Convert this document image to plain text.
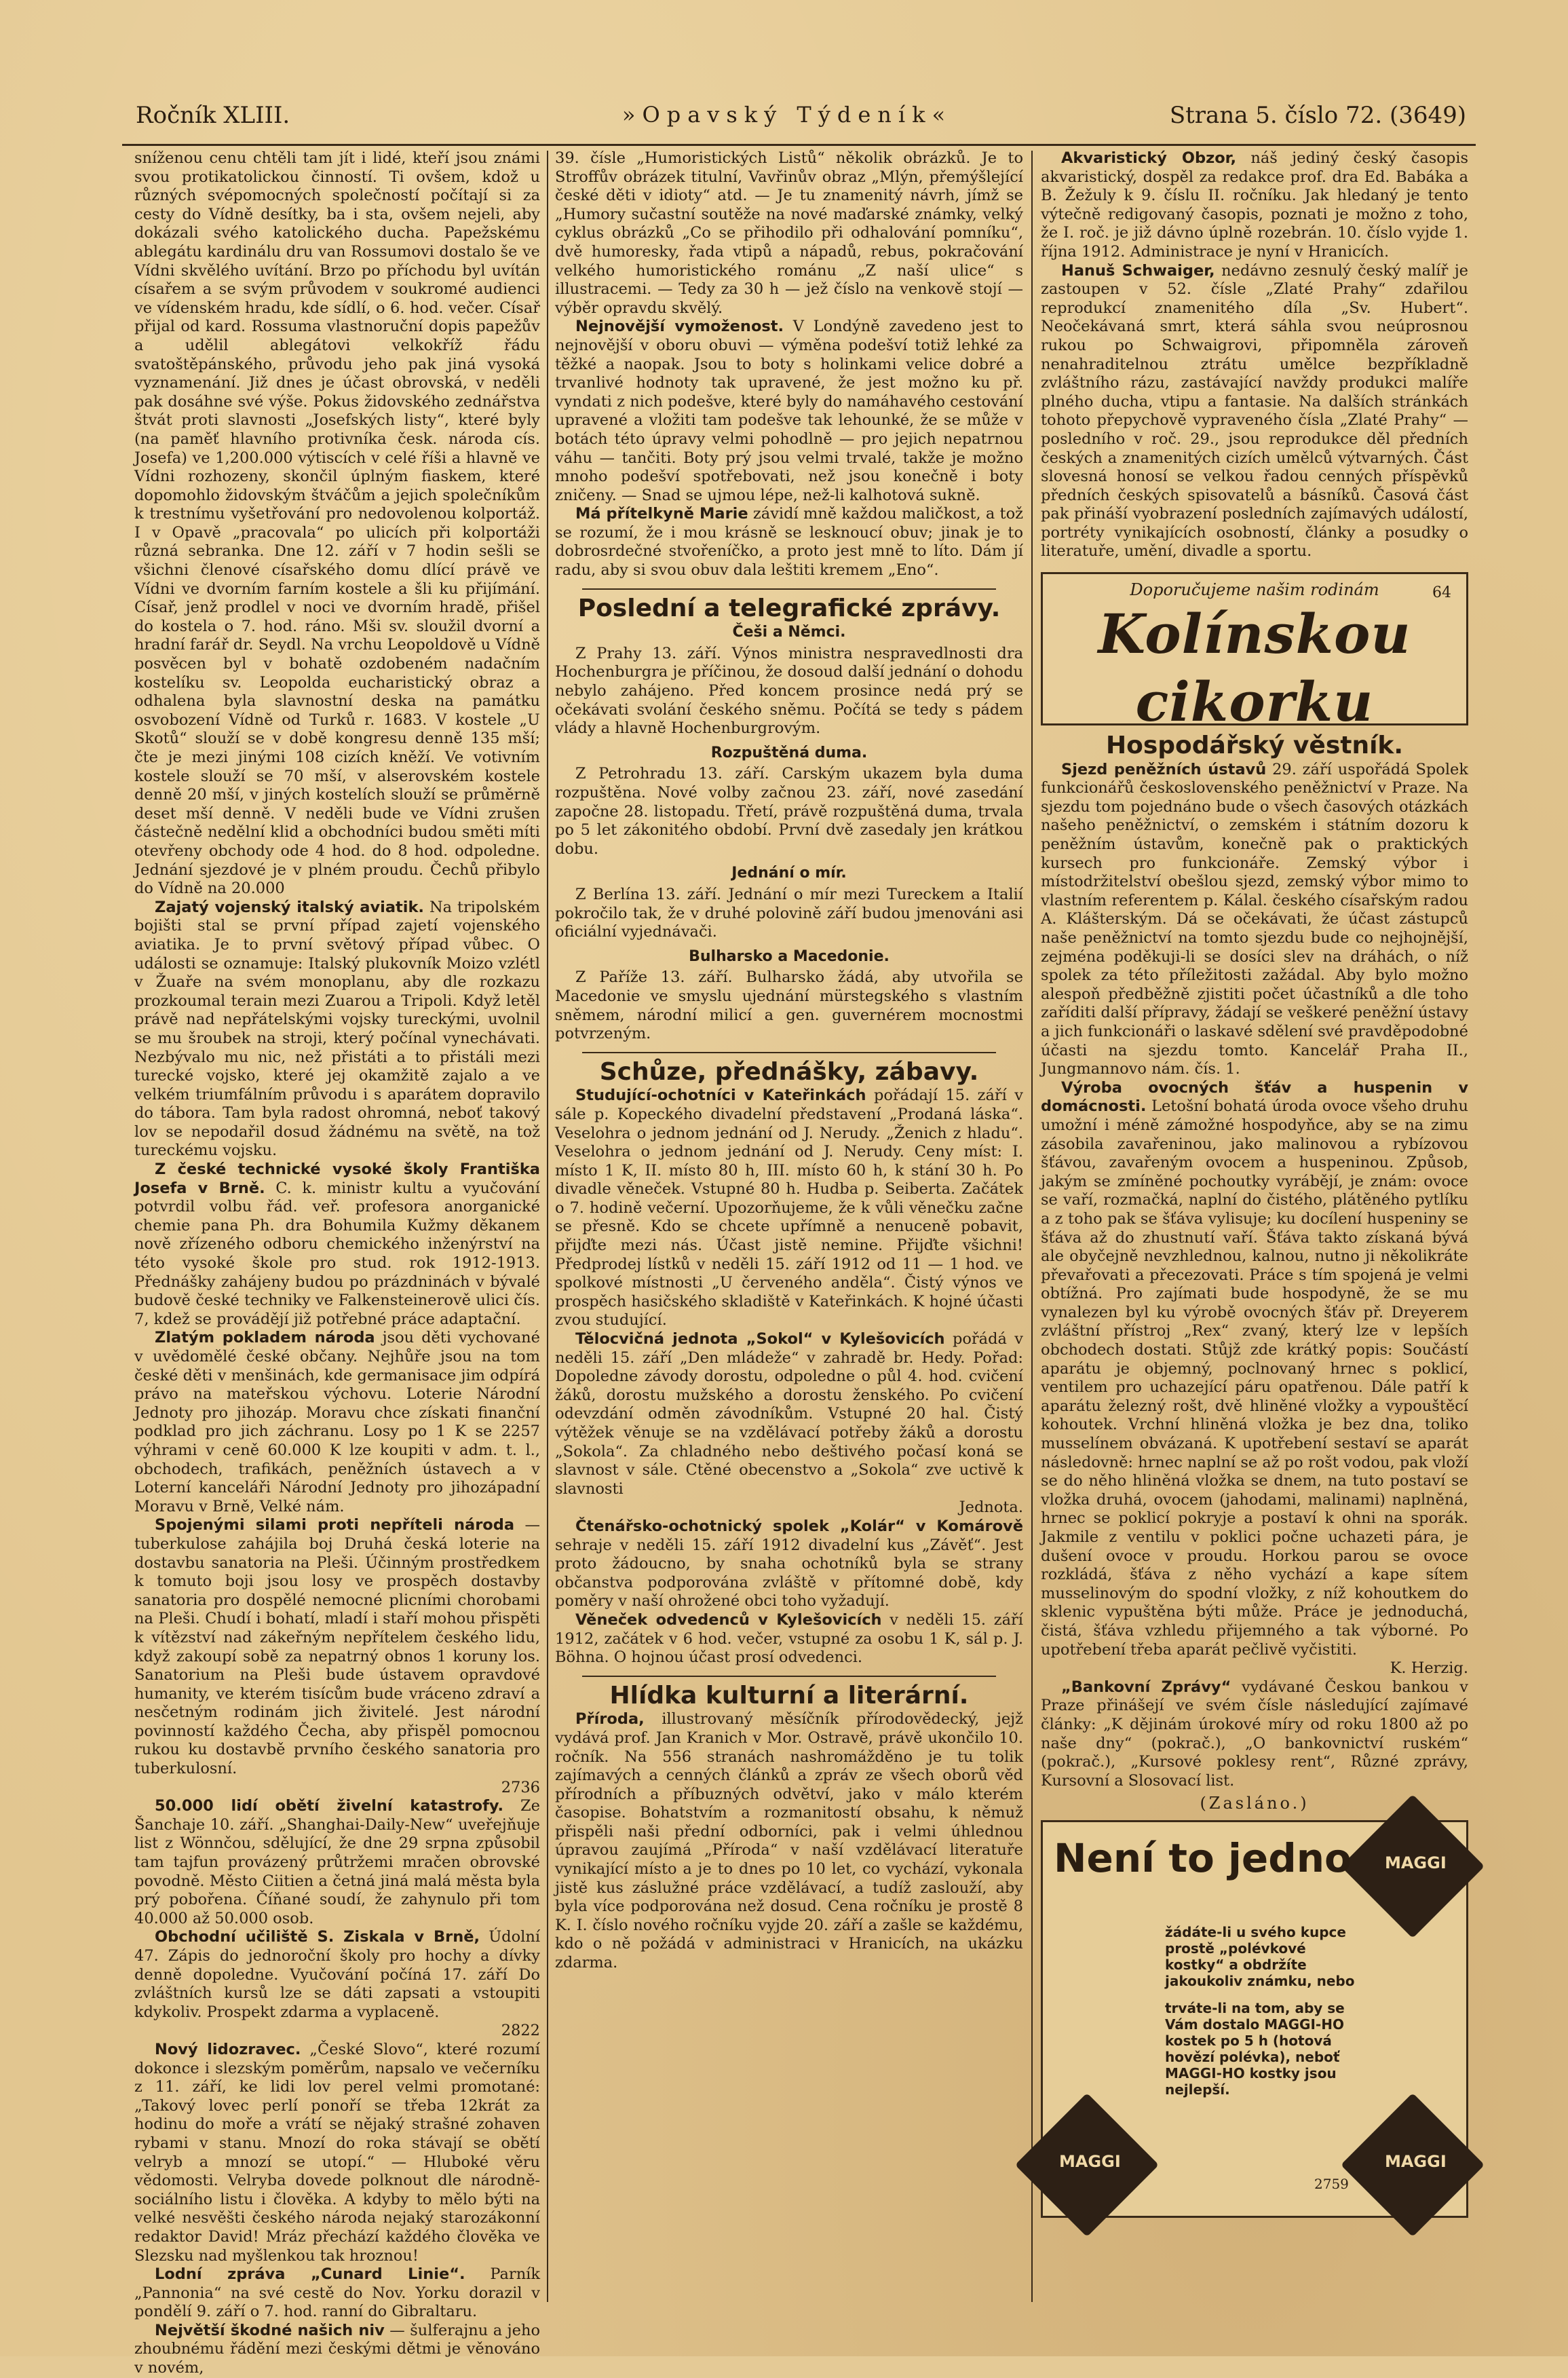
Ročník XLIII.	»Opavský Týdeník«	Strana 5. číslo 72. (3649)

sníženou cenu chtěli tam jít i lidé, kteří jsou známi svou protikatolickou činností. Ti ovšem, kdož u různých svépomocných společností počítají si za cesty do Vídně desítky, ba i sta, ovšem nejeli, aby dokázali svého katolického ducha. Papežskému ablegátu kardinálu dru van Rossumovi dostalo še ve Vídni skvělého uvítání. Brzo po příchodu byl uvítán císařem a se svým průvodem v soukromé audienci ve vídenském hradu, kde sídlí, o 6. hod. večer. Císař přijal od kard. Rossuma vlastnoruční dopis papežův a udělil ablegátovi velkokříž řádu svatoštěpánského, průvodu jeho pak jiná vysoká vyznamenání. Již dnes je účast obrovská, v neděli pak dosáhne své výše. Pokus židovského zednářstva štvát proti slavnosti „Josefských listy“, které byly (na paměť hlavního protivníka česk. národa cís. Josefa) ve 1,200.000 výtiscích v celé říši a hlavně ve Vídni rozhozeny, skončil úplným fiaskem, které dopomohlo židovským štváčům a jejich společníkům k trestnímu vyšetřování pro nedovolenou kolportáž. I v Opavě „pracovala“ po ulicích při kolportáži různá sebranka. Dne 12. září v 7 hodin sešli se všichni členové císařského domu dlící právě ve Vídni ve dvorním farním kostele a šli ku přijímání. Císař, jenž prodlel v noci ve dvorním hradě, přišel do kostela o 7. hod. ráno. Mši sv. sloužil dvorní a hradní farář dr. Seydl. Na vrchu Leopoldově u Vídně posvěcen byl v bohatě ozdobeném nadačním kostelíku sv. Leopolda eucharistický obraz a odhalena byla slavnostní deska na památku osvobození Vídně od Turků r. 1683. V kostele „U Skotů“ slouží se v době kongresu denně 135 mší; čte je mezi jinými 108 cizích kněží. Ve votivním kostele slouží se 70 mší, v alserovském kostele denně 20 mší, v jiných kostelích slouží se průměrně deset mší denně. V neděli bude ve Vídni zrušen částečně nedělní klid a obchodníci budou směti míti otevřeny obchody ode 4 hod. do 8 hod. odpoledne. Jednání sjezdové je v plném proudu. Čechů přibylo do Vídně na 20.000

Zajatý vojenský italský aviatik. Na tripolském bojišti stal se první případ zajetí vojenského aviatika. Je to první světový případ vůbec. O události se oznamuje: Italský plukovník Moizo vzlétl v Žuaře na svém monoplanu, aby dle rozkazu prozkoumal terain mezi Zuarou a Tripoli. Když letěl právě nad nepřátelskými vojsky tureckými, uvolnil se mu šroubek na stroji, který počínal vynechávati. Nezbývalo mu nic, než přistáti a to přistáli mezi turecké vojsko, které jej okamžitě zajalo a ve velkém triumfálním průvodu i s aparátem dopravilo do tábora. Tam byla radost ohromná, neboť takový lov se nepodařil dosud žádnému na světě, na tož tureckému vojsku.

Z české technické vysoké školy Františka Josefa v Brně. C. k. ministr kultu a vyučování potvrdil volbu řád. veř. profesora anorganické chemie pana Ph. dra Bohumila Kužmy děkanem nově zřízeného odboru chemického inženýrství na této vysoké škole pro stud. rok 1912-1913. Přednášky zahájeny budou po prázdninách v bývalé budově české techniky ve Falkensteinerově ulici čís. 7, kdež se provádějí již potřebné práce adaptační.

Zlatým pokladem národa jsou děti vychované v uvědomělé české občany. Nejhůře jsou na tom české děti v menšinách, kde germanisace jim odpírá právo na mateřskou výchovu. Loterie Národní Jednoty pro jihozáp. Moravu chce získati finanční podklad pro jich záchranu. Losy po 1 K se 2257 výhrami v ceně 60.000 K lze koupiti v adm. t. l., obchodech, trafikách, peněžních ústavech a v Loterní kanceláři Národní Jednoty pro jihozápadní Moravu v Brně, Velké nám.

Spojenými silami proti nepříteli národa — tuberkulose zahájila boj Druhá česká loterie na dostavbu sanatoria na Pleši. Účinným prostředkem k tomuto boji jsou losy ve prospěch dostavby sanatoria pro dospělé nemocné plicními chorobami na Pleši. Chudí i bohatí, mladí i staří mohou přispěti k vítězství nad zákeřným nepřítelem českého lidu, když zakoupí sobě za nepatrný obnos 1 koruny los. Sanatorium na Pleši bude ústavem opravdové humanity, ve kterém tisícům bude vráceno zdraví a nesčetným rodinám jich živitelé. Jest národní povinností každého Čecha, aby přispěl pomocnou rukou ku dostavbě prvního českého sanatoria pro tuberkulosní.
2736

50.000 lidí obětí živelní katastrofy. Ze Šanchaje 10. září. „Shanghai-Daily-New“ uveřejňuje list z Wönnčou, sdělující, že dne 29 srpna způsobil tam tajfun provázený průtržemi mračen obrovské povodně. Město Ciitien a četná jiná malá města byla prý pobořena. Číňané soudí, že zahynulo při tom 40.000 až 50.000 osob.

Obchodní učiliště S. Ziskala v Brně, Údolní 47. Zápis do jednoroční školy pro hochy a dívky denně dopoledne. Vyučování počíná 17. září Do zvláštních kursů lze se dáti zapsati a vstoupiti kdykoliv. Prospekt zdarma a vyplaceně.
2822

Nový lidozravec. „České Slovo“, které rozumí dokonce i slezským poměrům, napsalo ve večerníku z 11. září, ke lidi lov perel velmi promotané: „Takový lovec perlí ponoří se třeba 12krát za hodinu do moře a vrátí se nějaký strašné zohaven rybami v stanu. Mnozí do roka stávají se obětí velryb a mnozí se utopí.“ — Hluboké věru vědomosti. Velryba dovede polknout dle národně-sociálního listu i člověka. A kdyby to mělo býti na velké nesvěšti českého národa nejaký starozákonní redaktor David! Mráz přechází každého člověka ve Slezsku nad myšlenkou tak hroznou!

Lodní zpráva „Cunard Linie“. Parník „Pannonia“ na své cestě do Nov. Yorku dorazil v pondělí 9. září o 7. hod. ranní do Gibraltaru.

Největší škodné našich niv — šulferajnu a jeho zhoubnému řádění mezi českými dětmi je věnováno v novém,

39. čísle „Humoristických Listů“ několik obrázků. Je to Stroffův obrázek titulní, Vavřinův obraz „Mlýn, přemýšlející české děti v idioty“ atd. — Je tu znamenitý návrh, jímž se „Humory sučastní soutěže na nové maďarské známky, velký cyklus obrázků „Co se přihodilo při odhalování pomníku“, dvě humoresky, řada vtipů a nápadů, rebus, pokračování velkého humoristického románu „Z naší ulice“ s illustracemi. — Tedy za 30 h — jež číslo na venkově stojí — výběr opravdu skvělý.

Nejnovější vymoženost. V Londýně zavedeno jest to nejnovější v oboru obuvi — výměna podešví totiž lehké za těžké a naopak. Jsou to boty s holinkami velice dobré a trvanlivé hodnoty tak upravené, že jest možno ku př. vyndati z nich podešve, které byly do namáhavého cestování upravené a vložiti tam podešve tak lehounké, že se může v botách této úpravy velmi pohodlně — pro jejich nepatrnou váhu — tančiti. Boty prý jsou velmi trvalé, takže je možno mnoho podešví spotřebovati, než jsou konečně i boty zničeny. — Snad se ujmou lépe, než-li kalhotová sukně.

Má přítelkyně Marie závidí mně každou maličkost, a tož se rozumí, že i mou krásně se lesknoucí obuv; jinak je to dobrosrdečné stvořeníčko, a proto jest mně to líto. Dám jí radu, aby si svou obuv dala leštiti kremem „Eno“.

Poslední a telegrafické zprávy.
Češi a Němci.

Z Prahy 13. září. Výnos ministra nespravedlnosti dra Hochenburgra je příčinou, že dosoud další jednání o dohodu nebylo zahájeno. Před koncem prosince nedá prý se očekávati svolání českého sněmu. Počítá se tedy s pádem vlády a hlavně Hochenburgrovým.

Rozpuštěná duma.

Z Petrohradu 13. září. Carským ukazem byla duma rozpuštěna. Nové volby začnou 23. září, nové zasedání započne 28. listopadu. Třetí, právě rozpuštěná duma, trvala po 5 let zákonitého období. První dvě zasedaly jen krátkou dobu.

Jednání o mír.

Z Berlína 13. září. Jednání o mír mezi Tureckem a Italií pokročilo tak, že v druhé polovině září budou jmenováni asi oficiální vyjednávači.

Bulharsko a Macedonie.

Z Paříže 13. září. Bulharsko žádá, aby utvořila se Macedonie ve smyslu ujednání mürstegského s vlastním sněmem, národní milicí a gen. guvernérem mocnostmi potvrzeným.

Schůze, přednášky, zábavy.

Studující-ochotníci v Kateřinkách pořádají 15. září v sále p. Kopeckého divadelní představení „Prodaná láska“. Veselohra o jednom jednání od J. Nerudy. „Ženich z hladu“. Veselohra o jednom jednání od J. Nerudy. Ceny míst: I. místo 1 K, II. místo 80 h, III. místo 60 h, k stání 30 h. Po divadle věneček. Vstupné 80 h. Hudba p. Seiberta. Začátek o 7. hodině večerní. Upozorňujeme, že k vůli věnečku začne se přesně. Kdo se chcete upřímně a nenuceně pobavit, přijďte mezi nás. Účast jistě nemine. Přijďte všichni! Předprodej lístků v neděli 15. září 1912 od 11 — 1 hod. ve spolkové místnosti „U červeného anděla“. Čistý výnos ve prospěch hasičského skladiště v Kateřinkách. K hojné účasti zvou studující.

Tělocvičná jednota „Sokol“ v Kylešovicích pořádá v neděli 15. září „Den mládeže“ v zahradě br. Hedy. Pořad: Dopoledne závody dorostu, odpoledne o půl 4. hod. cvičení žáků, dorostu mužského a dorostu ženského. Po cvičení odevzdání odměn závodníkům. Vstupné 20 hal. Čistý výtěžek věnuje se na vzdělávací potřeby žáků a dorostu „Sokola“. Za chladného nebo deštivého počasí koná se slavnost v sále. Ctěné obecenstvo a „Sokola“ zve uctivě k slavnosti
Jednota.

Čtenářsko-ochotnický spolek „Kolár“ v Komárově sehraje v neděli 15. září 1912 divadelní kus „Závěť“. Jest proto žádoucno, by snaha ochotníků byla se strany občanstva podporována zvláště v přítomné době, kdy poměry v naší ohrožené obci toho vyžadují.

Věneček odvedenců v Kylešovicích v neděli 15. září 1912, začátek v 6 hod. večer, vstupné za osobu 1 K, sál p. J. Böhna. O hojnou účast prosí odvedenci.

Hlídka kulturní a literární.

Příroda, illustrovaný měsíčník přírodovědecký, jejž vydává prof. Jan Kranich v Mor. Ostravě, právě ukončilo 10. ročník. Na 556 stranách nashromážděno je tu tolik zajímavých a cenných článků a zpráv ze všech oborů věd přírodních a příbuzných odvětví, jako v málo kterém časopise. Bohatstvím a rozmanitostí obsahu, k němuž přispěli naši přední odborníci, pak i velmi úhlednou úpravou zaujímá „Příroda“ v naší vzdělávací literatuře vynikající místo a je to dnes po 10 let, co vychází, vykonala jistě kus záslužné práce vzdělávací, a tudíž zaslouží, aby byla více podporována než dosud. Cena ročníku je prostě 8 K. I. číslo nového ročníku vyjde 20. září a zašle se každému, kdo o ně požádá v administraci v Hranicích, na ukázku zdarma.

Akvaristický Obzor, náš jediný český časopis akvaristický, dospěl za redakce prof. dra Ed. Babáka a B. Žežuly k 9. číslu II. ročníku. Jak hledaný je tento výtečně redigovaný časopis, poznati je možno z toho, že I. roč. je již dávno úplně rozebrán. 10. číslo vyjde 1. října 1912. Administrace je nyní v Hranicích.

Hanuš Schwaiger, nedávno zesnulý český malíř je zastoupen v 52. čísle „Zlaté Prahy“ zdařilou reprodukcí znamenitého díla „Sv. Hubert“. Neočekávaná smrt, která sáhla svou neúprosnou rukou po Schwaigrovi, připomněla zároveň nenahraditelnou ztrátu umělce bezpříkladně zvláštního rázu, zastávající navždy produkci malíře plného ducha, vtipu a fantasie. Na dalších stránkách tohoto přepychově vypraveného čísla „Zlaté Prahy“ — posledního v roč. 29., jsou reprodukce děl předních českých a znamenitých cizích umělců výtvarných. Část slovesná honosí se velkou řadou cenných příspěvků předních českých spisovatelů a básníků. Časová část pak přináší vyobrazení posledních zajímavých událostí, portréty vynikajících osobností, články a posudky o literatuře, umění, divadle a sportu.

Doporučujeme našim rodinám	64
Kolínskou cikorku
Hospodářský věstník.

Sjezd peněžních ústavů 29. září uspořádá Spolek funkcionářů československého peněžnictví v Praze. Na sjezdu tom pojednáno bude o všech časových otázkách našeho peněžnictví, o zemském i státním dozoru k peněžním ústavům, konečně pak o praktických kursech pro funkcionáře. Zemský výbor i místodržitelství obešlou sjezd, zemský výbor mimo to vlastním referentem p. Kálal. českého císařským radou A. Klášterským. Dá se očekávati, že účast zástupců naše peněžnictví na tomto sjezdu bude co nejhojnější, zejména poděkuji-li se dosíci slev na dráhách, o níž spolek za této příležitosti zažádal. Aby bylo možno alespoň předběžně zjistiti počet účastníků a dle toho zaříditi další přípravy, žádají se veškeré peněžní ústavy a jich funkcionáři o laskavé sdělení své pravděpodobné účasti na sjezdu tomto. Kancelář Praha II., Jungmannovo nám. čís. 1.

Výroba ovocných šťáv a huspenin v domácnosti. Letošní bohatá úroda ovoce všeho druhu umožní i méně zámožné hospodyňce, aby se na zimu zásobila zavařeninou, jako malinovou a rybízovou šťávou, zavařeným ovocem a huspeninou. Způsob, jakým se zmíněné pochoutky vyrábějí, je znám: ovoce se vaří, rozmačká, naplní do čistého, plátěného pytlíku a z toho pak se šťáva vylisuje; ku docílení huspeniny se šťáva až do zhustnutí vaří. Šťáva takto získaná bývá ale obyčejně nevzhlednou, kalnou, nutno ji několikráte převařovati a přecezovati. Práce s tím spojená je velmi obtížná. Pro zajímati bude hospodyně, že se mu vynalezen byl ku výrobě ovocných šťáv př. Dreyerem zvláštní přístroj „Rex“ zvaný, který lze v lepších obchodech dostati. Stůjž zde krátký popis: Součástí aparátu je objemný, poclnovaný hrnec s poklicí, ventilem pro uchazející páru opatřenou. Dále patří k aparátu železný rošt, dvě hliněné vložky a vypouštěcí kohoutek. Vrchní hliněná vložka je bez dna, toliko musselínem obvázaná. K upotřebení sestaví se aparát následovně: hrnec naplní se až po rošt vodou, pak vloží se do něho hliněná vložka se dnem, na tuto postaví se vložka druhá, ovocem (jahodami, malinami) naplněná, hrnec se poklicí pokryje a postaví k ohni na sporák. Jakmile z ventilu v poklici počne uchazeti pára, je dušení ovoce v proudu. Horkou parou se ovoce rozkládá, šťáva z něho vychází a kape sítem musselinovým do spodní vložky, z níž kohoutkem do sklenic vypuštěna býti může. Práce je jednoduchá, čistá, šťáva vzhledu přijemného a tak výborné. Po upotřebení třeba aparát pečlivě vyčistiti.
K. Herzig.

„Bankovní Zprávy“ vydávané Českou bankou v Praze přinášejí ve svém čísle následující zajímavé články: „K dějinám úrokové míry od roku 1800 až po naše dny“ (pokrač.), „O bankovnictví ruském“ (pokrač.), „Kursové poklesy rent“, Různé zprávy, Kursovní a Slosovací list.

(Zasláno.)
MAGGI
MAGGI
MAGGI
Není to jedno

žádáte-li u svého kupce prostě „polévkové kostky“ a obdržíte jakoukoliv známku, nebo

trváte-li na tom, aby se Vám dostalo MAGGI-HO kostek po 5 h (hotová hovězí polévka), neboť MAGGI-HO kostky jsou nejlepší.

2759
